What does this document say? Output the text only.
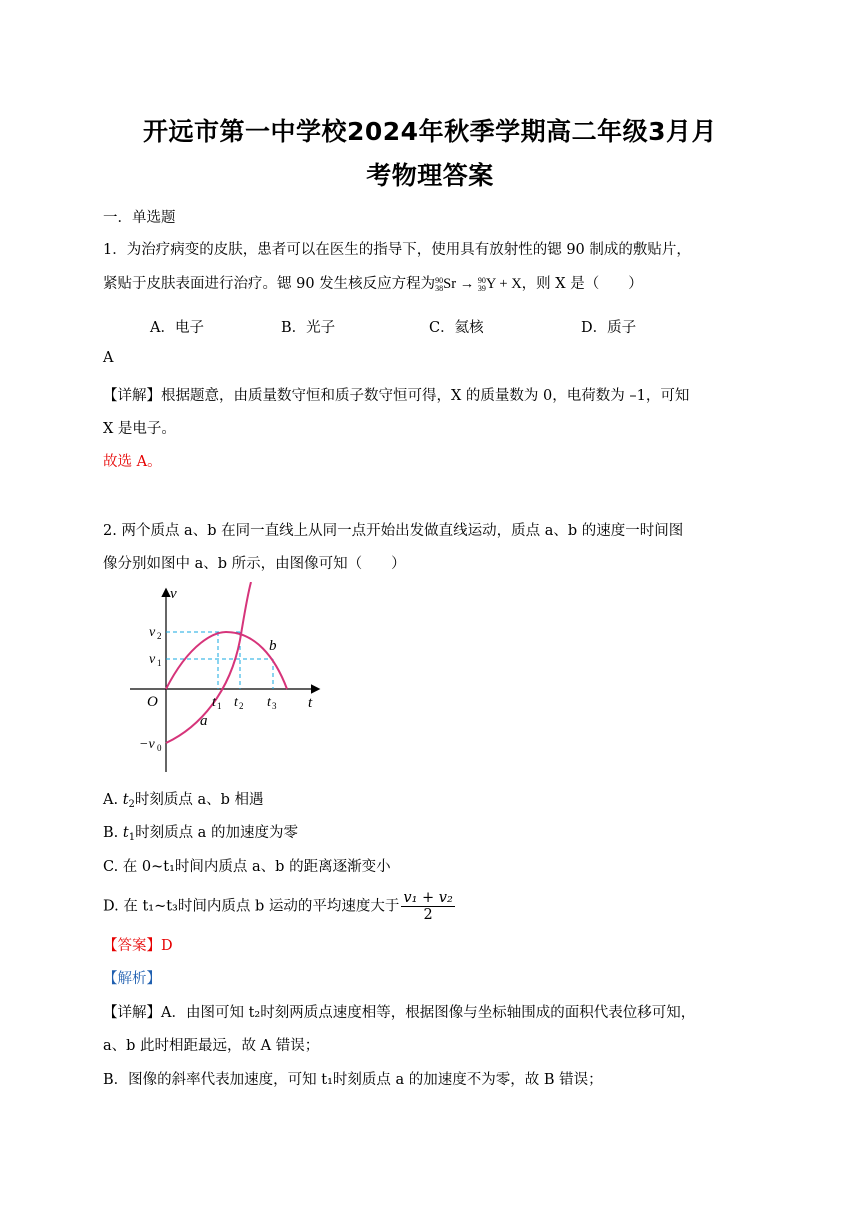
开远市第一中学校2024年秋季学期高二年级3月月
考物理答案
一．单选题
1．为治疗病变的皮肤，患者可以在医生的指导下，使用具有放射性的锶 90 制成的敷贴片，
紧贴于皮肤表面进行治疗。锶 90 发生核反应方程为90
38Sr → 90
39Y + X，则 X 是（　　）
A．电子	B．光子	C．氦核	D．质子
A
【详解】根据题意，由质量数守恒和质子数守恒可得，X 的质量数为 0，电荷数为 –1，可知
X 是电子。
故选 A。
2. 两个质点 a、b 在同一直线上从同一点开始出发做直线运动，质点 a、b 的速度一时间图
像分别如图中 a、b 所示，由图像可知（　　）
v
t
O
v 2
v 1
−v 0
t 1 t 2 t 3
a
b
A. $t_2$时刻质点 a、b 相遇
B. $t_1$时刻质点 a 的加速度为零
C. 在 0~t₁时间内质点 a、b 的距离逐渐变小
D. 在 t₁~t₃时间内质点 b 运动的平均速度大于 $\frac{\text{v₁ + v₂}}{2}$
【答案】D
【解析】
【详解】A．由图可知 t₂时刻两质点速度相等，根据图像与坐标轴围成的面积代表位移可知，
a、b 此时相距最远，故 A 错误；
B．图像的斜率代表加速度，可知 t₁时刻质点 a 的加速度不为零，故 B 错误；
